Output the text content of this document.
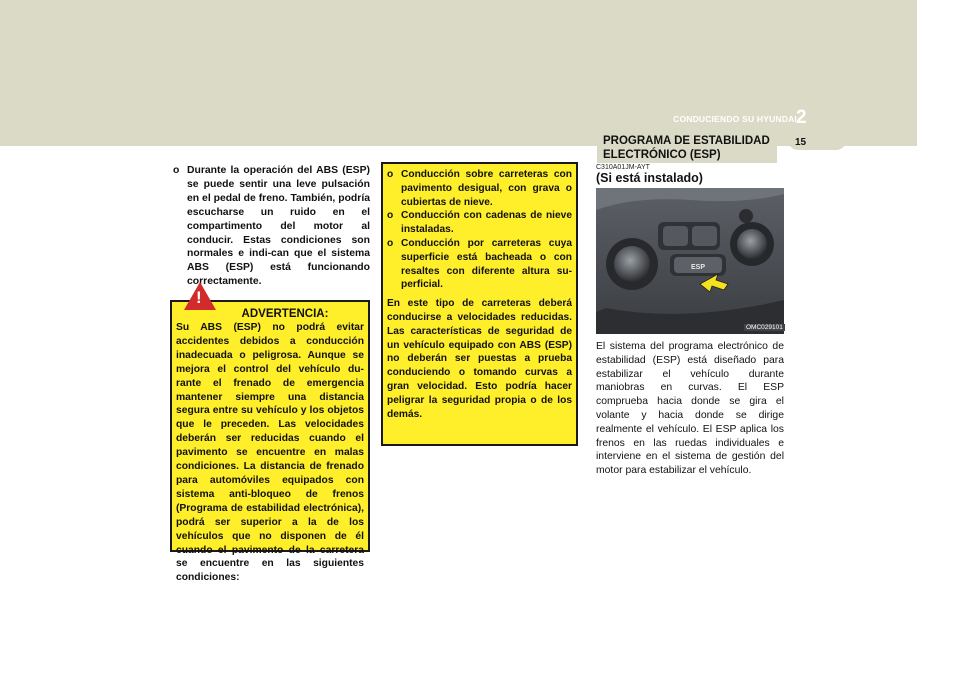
CONDUCIENDO SU HYUNDAI 2
PROGRAMA DE ESTABILIDAD
ELECTRÓNICO (ESP)
15
o Durante la operación del ABS (ESP) se puede sentir una leve pulsación en el pedal de freno. También, podría escucharse un ruido en el compartimento del motor al conducir. Estas condiciones son normales e indi-can que el sistema ABS (ESP) está funcionando correctamente.
ADVERTENCIA:
Su ABS (ESP) no podrá evitar accidentes debidos a conducción inadecuada o peligrosa. Aunque se mejora el control del vehículo du-rante el frenado de emergencia mantener siempre una distancia segura entre su vehículo y los objetos que le preceden. Las velocidades deberán ser reducidas cuando el pavimento se encuentre en malas condiciones. La distancia de frenado para automóviles equipados con sistema anti-bloqueo de frenos (Programa de estabilidad electrónica), podrá ser superior a la de los vehículos que no disponen de él cuando el pavimento de la carretera se encuentre en las siguientes condiciones:
!
o Conducción sobre carreteras con pavimento desigual, con grava o cubiertas de nieve.
o Conducción con cadenas de nieve instaladas.
o Conducción por carreteras cuya superficie está bacheada o con resaltes con diferente altura su-perficial.

En este tipo de carreteras deberá conducirse a velocidades reducidas. Las características de seguridad de un vehículo equipado con ABS (ESP) no deberán ser puestas a prueba conduciendo o tomando curvas a gran velocidad. Esto podría hacer peligrar la seguridad propia o de los demás.

C310A01JM-AYT
(Si está instalado)
ESP
OMC029101
El sistema del programa electrónico de estabilidad (ESP) está diseñado para estabilizar el vehículo durante maniobras en curvas. El ESP comprueba hacia donde se gira el volante y hacia donde se dirige realmente el vehículo. El ESP aplica los frenos en las ruedas individuales e interviene en el sistema de gestión del motor para estabilizar el vehículo.
